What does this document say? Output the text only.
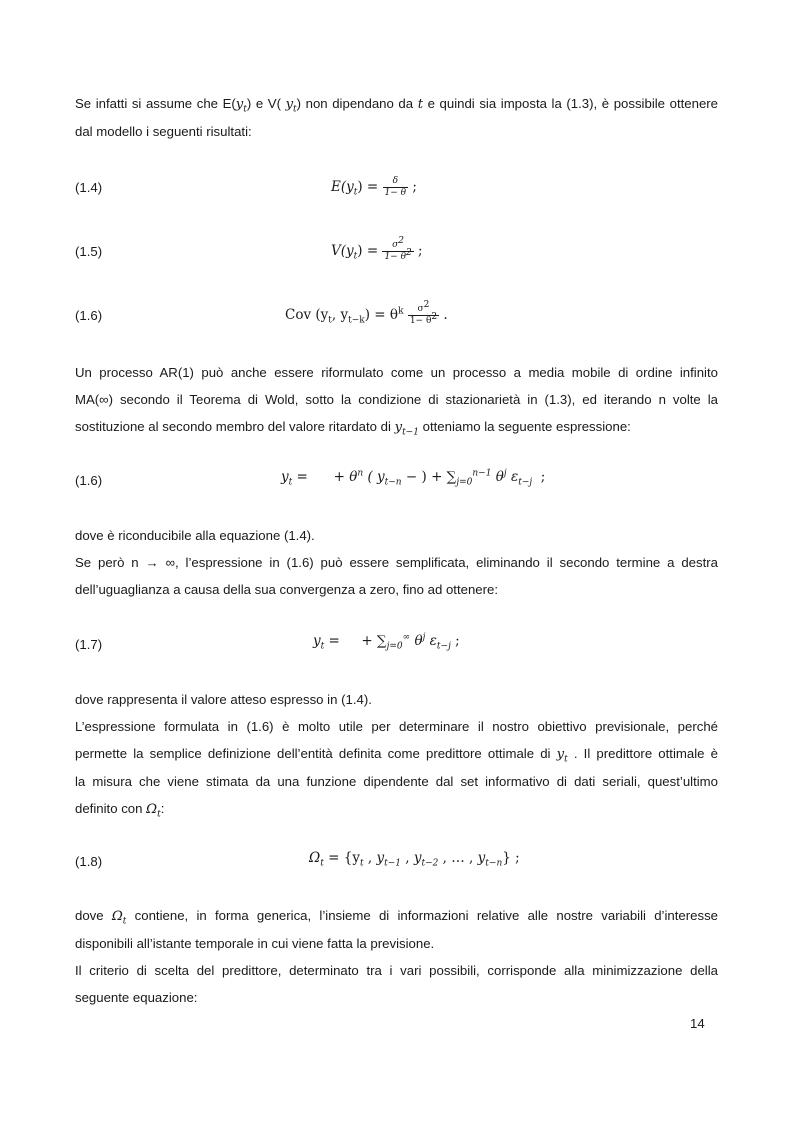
Se infatti si assume che $E(y_t)$ e V( $y_t$) non dipendano da t e quindi sia imposta la (1.3), è possibile ottenere
dal modello i seguenti risultati:
(1.4)	$E(y_t) = \frac{\delta}{1- \theta}$ ;
(1.5)	$V(y_t) = \frac{\sigma^2}{1- \theta^2}$ ;
(1.6)	Cov ($y_t$, $y_{t-k}) = \theta^k \frac{\sigma^2}{1- \theta^2}$ .
Un processo AR(1) può anche essere riformulato come un processo a media mobile di ordine infinito
MA(∞) secondo il Teorema di Wold, sotto la condizione di stazionarietà in (1.3), ed iterando n volte la
sostituzione al secondo membro del valore ritardato di $y_{t-1}$ otteniamo la seguente espressione:
(1.6)	$y_t$ =      + $\theta^n$ ( $y_{t-n}$ − ) + $\sum_{j=0}^{n-1}$ $\theta^j$ $\varepsilon_{t-j}$ ;
dove è riconducibile alla equazione (1.4).
Se però n → ∞, l’espressione in (1.6) può essere semplificata, eliminando il secondo termine a destra
dell’uguaglianza a causa della sua convergenza a zero, fino ad ottenere:
(1.7)	$y_t$ =     + $\sum_{j=0}^\infty$ $\theta^j$ $\varepsilon_{t-j}$ ;
dove rappresenta il valore atteso espresso in (1.4).
L’espressione formulata in (1.6) è molto utile per determinare il nostro obiettivo previsionale, perché
permette la semplice definizione dell’entità definita come predittore ottimale di $y_t$ . Il predittore ottimale è
la misura che viene stimata da una funzione dipendente dal set informativo di dati seriali, quest’ultimo
definito con $\Omega_t$:
(1.8)	$\Omega_t = \{y_t$ , $y_{t-1}$ , $y_{t-2}$ , … , $y_{t-n}$} ;
dove $\Omega_t$ contiene, in forma generica, l’insieme di informazioni relative alle nostre variabili d’interesse
disponibili all’istante temporale in cui viene fatta la previsione.
Il criterio di scelta del predittore, determinato tra i vari possibili, corrisponde alla minimizzazione della
seguente equazione:
14
